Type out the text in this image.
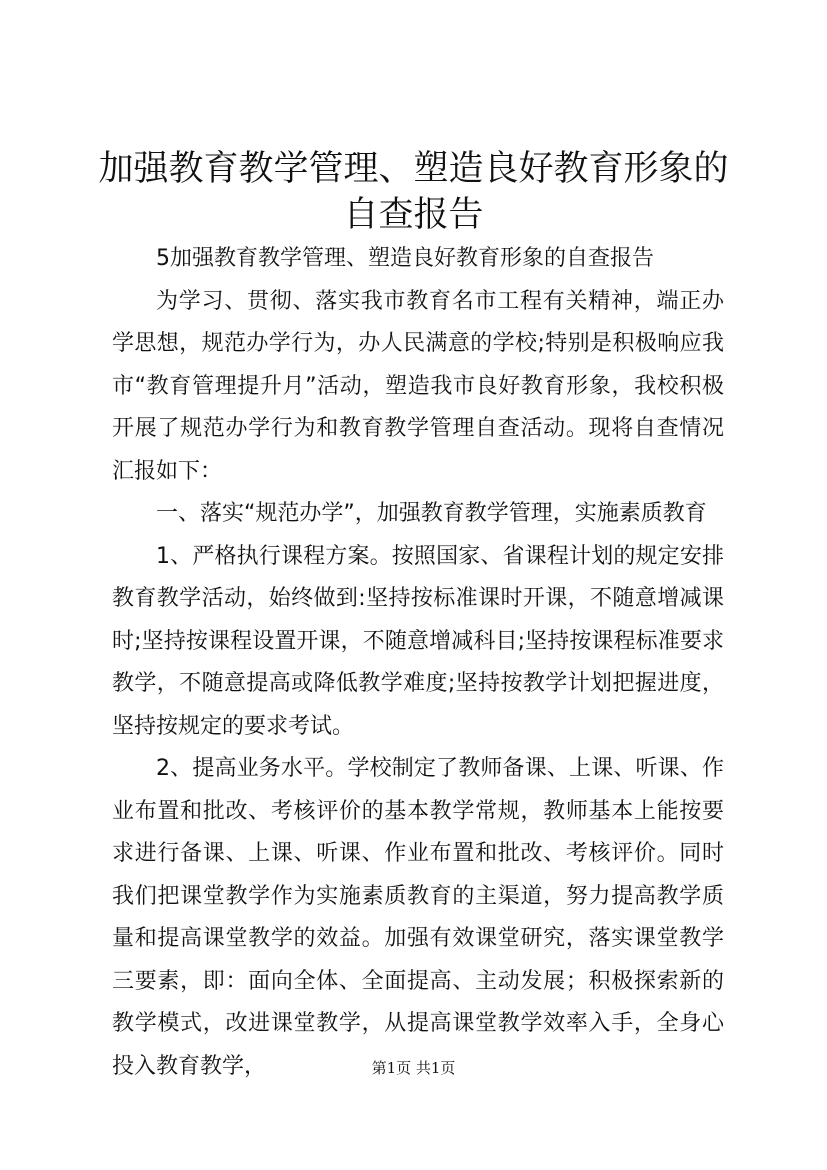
加强教育教学管理、塑造良好教育形象的自查报告

5加强教育教学管理、塑造良好教育形象的自查报告

为学习、贯彻、落实我市教育名市工程有关精神，端正办学思想，规范办学行为，办人民满意的学校;特别是积极响应我市“教育管理提升月”活动，塑造我市良好教育形象，我校积极开展了规范办学行为和教育教学管理自查活动。现将自查情况汇报如下：

一、落实“规范办学”，加强教育教学管理，实施素质教育

1、严格执行课程方案。按照国家、省课程计划的规定安排教育教学活动，始终做到:坚持按标准课时开课，不随意增减课时;坚持按课程设置开课，不随意增减科目;坚持按课程标准要求教学，不随意提高或降低教学难度;坚持按教学计划把握进度，坚持按规定的要求考试。

2、提高业务水平。学校制定了教师备课、上课、听课、作业布置和批改、考核评价的基本教学常规，教师基本上能按要求进行备课、上课、听课、作业布置和批改、考核评价。同时我们把课堂教学作为实施素质教育的主渠道，努力提高教学质量和提高课堂教学的效益。加强有效课堂研究，落实课堂教学三要素，即：面向全体、全面提高、主动发展；积极探索新的教学模式，改进课堂教学，从提高课堂教学效率入手，全身心投入教育教学，	第1页 共1页
